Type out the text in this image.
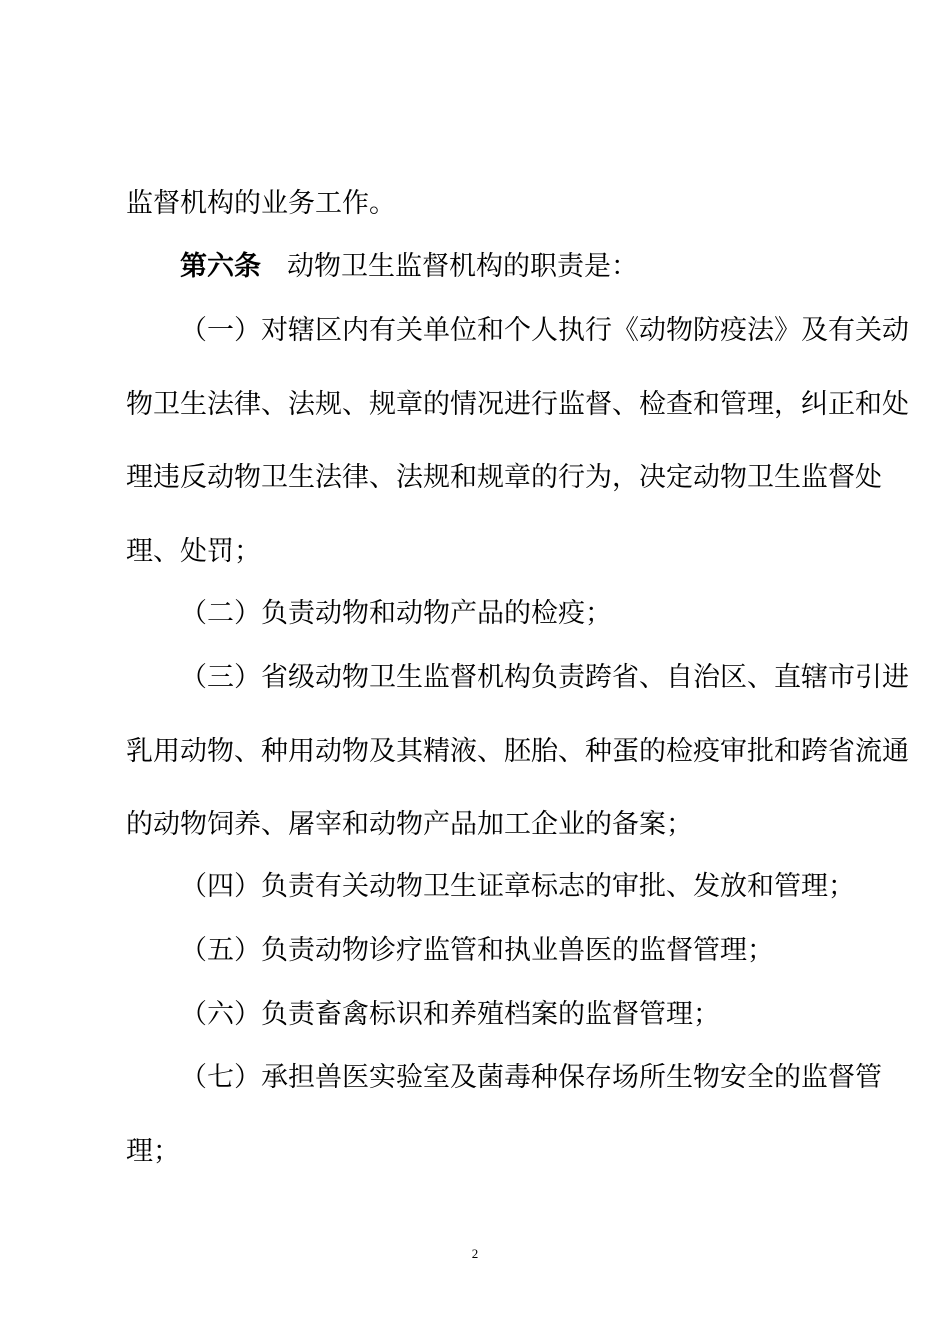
监督机构的业务工作。

第六条 动物卫生监督机构的职责是：

（一）对辖区内有关单位和个人执行《动物防疫法》及有关动

物卫生法律、法规、规章的情况进行监督、检查和管理，纠正和处

理违反动物卫生法律、法规和规章的行为，决定动物卫生监督处

理、处罚；

（二）负责动物和动物产品的检疫；

（三）省级动物卫生监督机构负责跨省、自治区、直辖市引进

乳用动物、种用动物及其精液、胚胎、种蛋的检疫审批和跨省流通

的动物饲养、屠宰和动物产品加工企业的备案；

（四）负责有关动物卫生证章标志的审批、发放和管理；

（五）负责动物诊疗监管和执业兽医的监督管理；

（六）负责畜禽标识和养殖档案的监督管理；

（七）承担兽医实验室及菌毒种保存场所生物安全的监督管

理；

2
